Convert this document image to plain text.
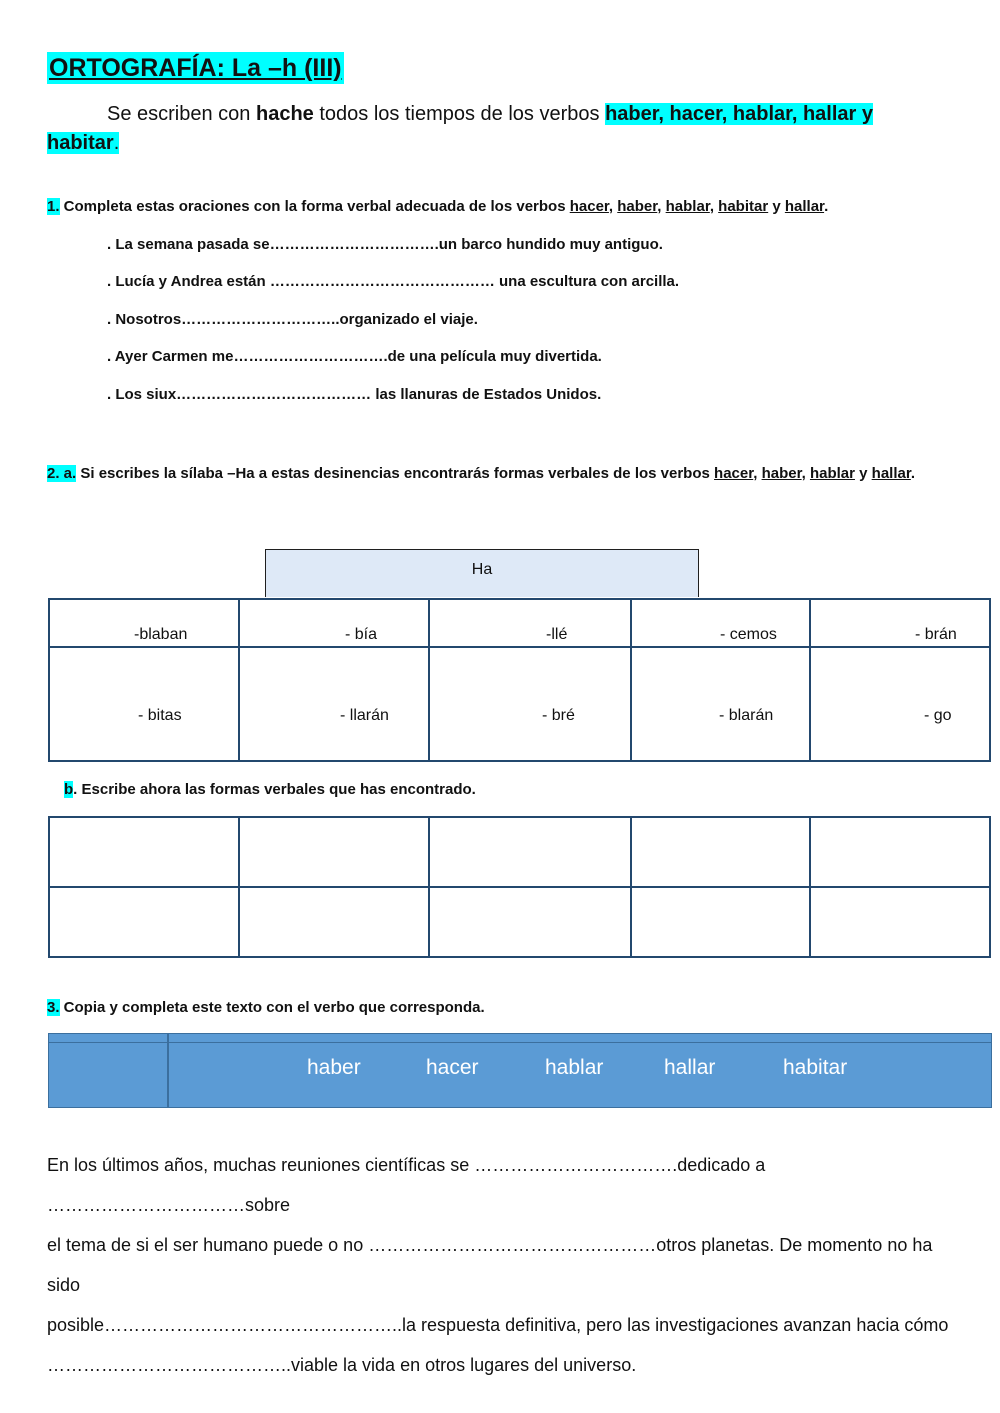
ORTOGRAFÍA: La –h (III)
Se escriben con hache todos los tiempos de los verbos haber, hacer, hablar, hallar y habitar.
1. Completa estas oraciones con la forma verbal adecuada de los verbos hacer, haber, hablar, habitar y hallar.
. La semana pasada se…………………………….un barco hundido muy antiguo.
. Lucía y Andrea están ……………………………………… una escultura con arcilla.
. Nosotros…………………………..organizado el viaje.
. Ayer Carmen me………………………….de una película muy divertida.
. Los siux………………………………… las llanuras de Estados Unidos.
2. a. Si escribes la sílaba –Ha a estas desinencias encontrarás formas verbales de los verbos hacer, haber, hablar y hallar.
Ha
-blaban	- bía	-llé	- cemos	- brán
- bitas	- llarán	- bré	- blarán	- go
b. Escribe ahora las formas verbales que has encontrado.

3. Copia y completa este texto con el verbo que corresponda.
haber	hacer	hablar	hallar	habitar
En los últimos años, muchas reuniones científicas se …………………………….dedicado a ……………………………sobre
el tema de si el ser humano puede o no …………………………………………otros planetas. De momento no ha sido
posible…………………………………………..la respuesta definitiva, pero las investigaciones avanzan hacia cómo
…………………………………..viable la vida en otros lugares del universo.
